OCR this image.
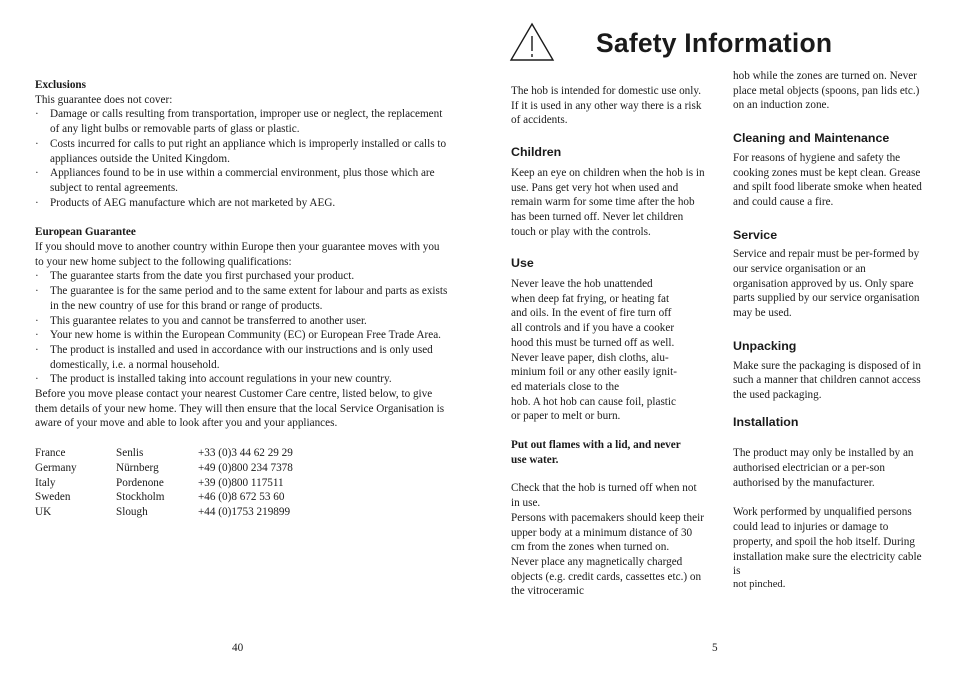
Exclusions
This guarantee does not cover:
·	Damage or calls resulting from transportation, improper use or neglect, the replacement of any light bulbs or removable parts of glass or plastic.
·	Costs incurred for calls to put right an appliance which is improperly installed or calls to appliances outside the United Kingdom.
·	Appliances found to be in use within a commercial environment, plus those which are subject to rental agreements.
·	Products of AEG manufacture which are not marketed by AEG.
European Guarantee
If you should move to another country within Europe then your guarantee moves with you to your new home subject to the following qualifications:
·	The guarantee starts from the date you first purchased your product.
·	The guarantee is for the same period and to the same extent for labour and parts as exists in the new country of use for this brand or range of products.
·	This guarantee relates to you and cannot be transferred to another user.
·	Your new home is within the European Community (EC) or European Free Trade Area.
·	The product is installed and used in accordance with our instructions and is only used domestically, i.e. a normal household.
·	The product is installed taking into account regulations in your new country.
Before you move please contact your nearest Customer Care centre, listed below, to give them details of your new home. They will then ensure that the local Service Organisation is aware of your move and able to look after you and your appliances.
France	Senlis	+33 (0)3 44 62 29 29
Germany	Nürnberg	+49 (0)800 234 7378
Italy	Pordenone	+39 (0)800 117511
Sweden	Stockholm	+46 (0)8 672 53 60
UK	Slough	+44 (0)1753 219899
40
Safety Information
The hob is intended for domestic use only. If it is used in any other way there is a risk of accidents.
Children
Keep an eye on children when the hob is in use. Pans get very hot when used and remain warm for some time after the hob has been turned off. Never let children touch or play with the controls.
Use
Never leave the hob unattended
when deep fat frying, or heating fat
and oils. In the event of fire turn off
all controls and if you have a cooker
hood this must be turned off as well.
Never leave paper, dish cloths, alu-
minium foil or any other easily ignit-
ed materials close to the
hob. A hot hob can cause foil, plastic
or paper to melt or burn.
Put out flames with a lid, and never use water.
Check that the hob is turned off when not in use.
Persons with pacemakers should keep their upper body at a minimum distance of 30 cm from the zones when turned on.
Never place any magnetically charged objects (e.g. credit cards, cassettes etc.) on the vitroceramic
hob while the zones are turned on. Never place metal objects (spoons, pan lids etc.) on an induction zone.
Cleaning and Maintenance
For reasons of hygiene and safety the cooking zones must be kept clean. Grease and spilt food liberate smoke when heated and could cause a fire.
Service
Service and repair must be per-formed by our service organisation or an organisation approved by us. Only spare parts supplied by our service organisation may be used.
Unpacking
Make sure the packaging is disposed of in such a manner that children cannot access the used packaging.
Installation
The product may only be installed by an authorised electrician or a per-son authorised by the manufacturer.
Work performed by unqualified persons could lead to injuries or damage to property, and spoil the hob itself. During installation make sure the electricity cable is
not pinched.
5
